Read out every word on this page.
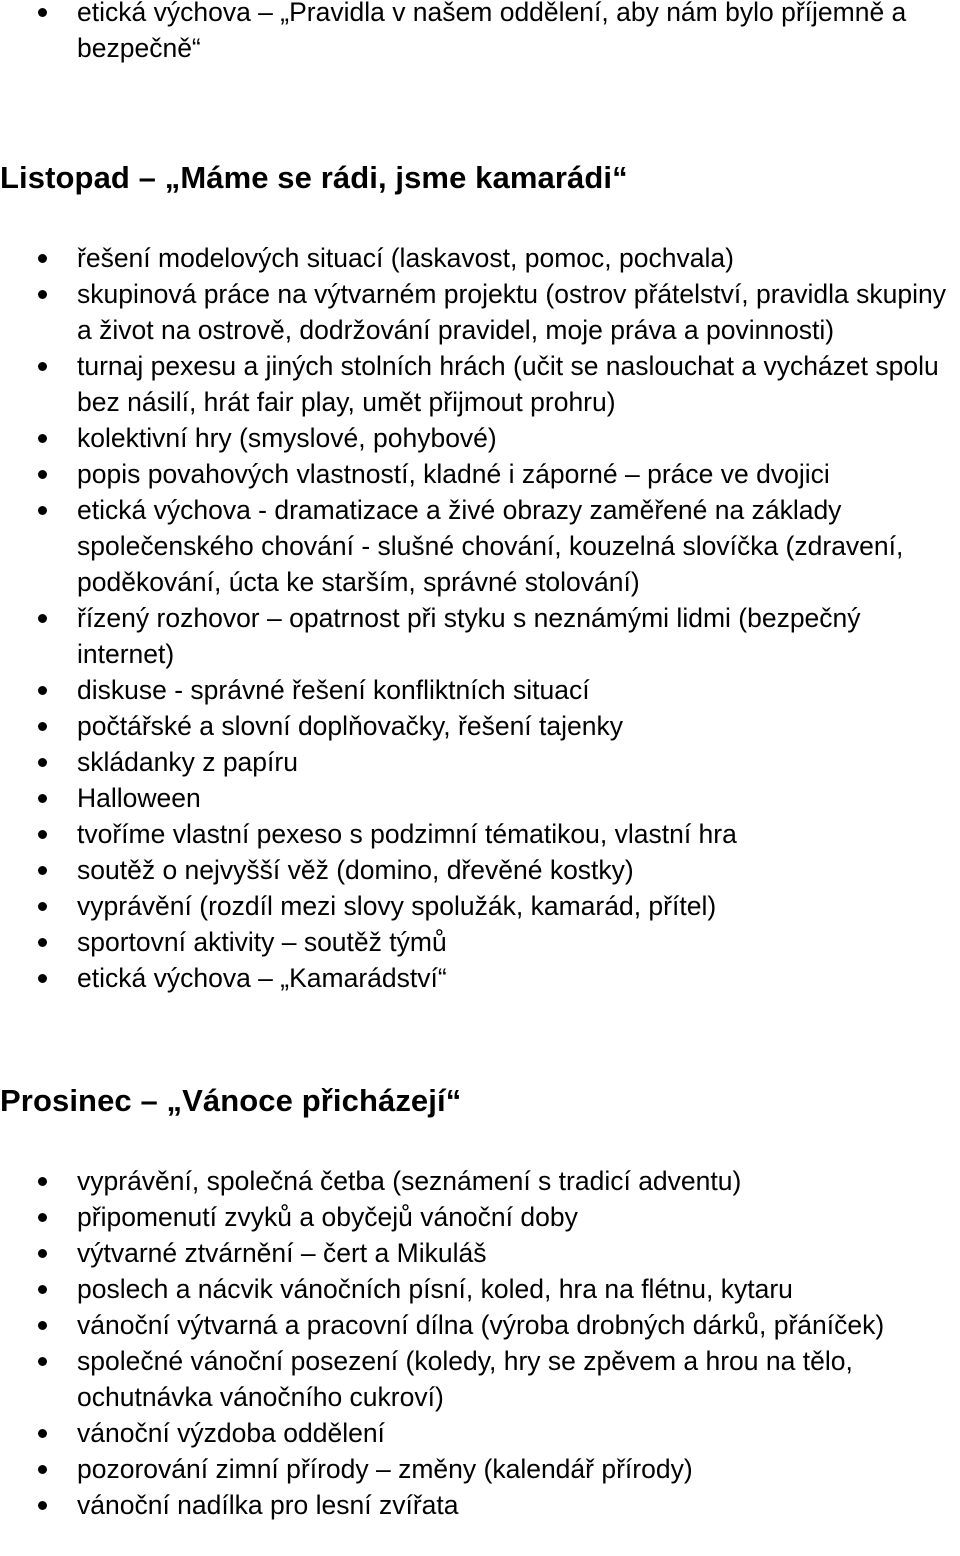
etická výchova – „Pravidla v našem oddělení, aby nám bylo příjemně a bezpečně“
Listopad – „Máme se rádi, jsme kamarádi“
řešení modelových situací (laskavost, pomoc, pochvala)
skupinová práce na výtvarném projektu (ostrov přátelství, pravidla skupiny a život na ostrově, dodržování pravidel, moje práva a povinnosti)
turnaj pexesu a jiných stolních hrách (učit se naslouchat a vycházet spolu bez násilí, hrát fair play, umět přijmout prohru)
kolektivní hry (smyslové, pohybové)
popis povahových vlastností, kladné i záporné – práce ve dvojici
etická výchova - dramatizace a živé obrazy zaměřené na základy společenského chování - slušné chování, kouzelná slovíčka (zdravení, poděkování, úcta ke starším, správné stolování)
řízený rozhovor – opatrnost při styku s neznámými lidmi (bezpečný internet)
diskuse - správné řešení konfliktních situací
počtářské a slovní doplňovačky, řešení tajenky
skládanky z papíru
Halloween
tvoříme vlastní pexeso s podzimní tématikou, vlastní hra
soutěž o nejvyšší věž (domino, dřevěné kostky)
vyprávění (rozdíl mezi slovy spolužák, kamarád, přítel)
sportovní aktivity – soutěž týmů
etická výchova – „Kamarádství“
Prosinec – „Vánoce přicházejí“
vyprávění, společná četba (seznámení s tradicí adventu)
připomenutí zvyků a obyčejů vánoční doby
výtvarné ztvárnění – čert a Mikuláš
poslech a nácvik vánočních písní, koled, hra na flétnu, kytaru
vánoční výtvarná a pracovní dílna (výroba drobných dárků, přáníček)
společné vánoční posezení (koledy, hry se zpěvem a hrou na tělo, ochutnávka vánočního cukroví)
vánoční výzdoba oddělení
pozorování zimní přírody – změny (kalendář přírody)
vánoční nadílka pro lesní zvířata
